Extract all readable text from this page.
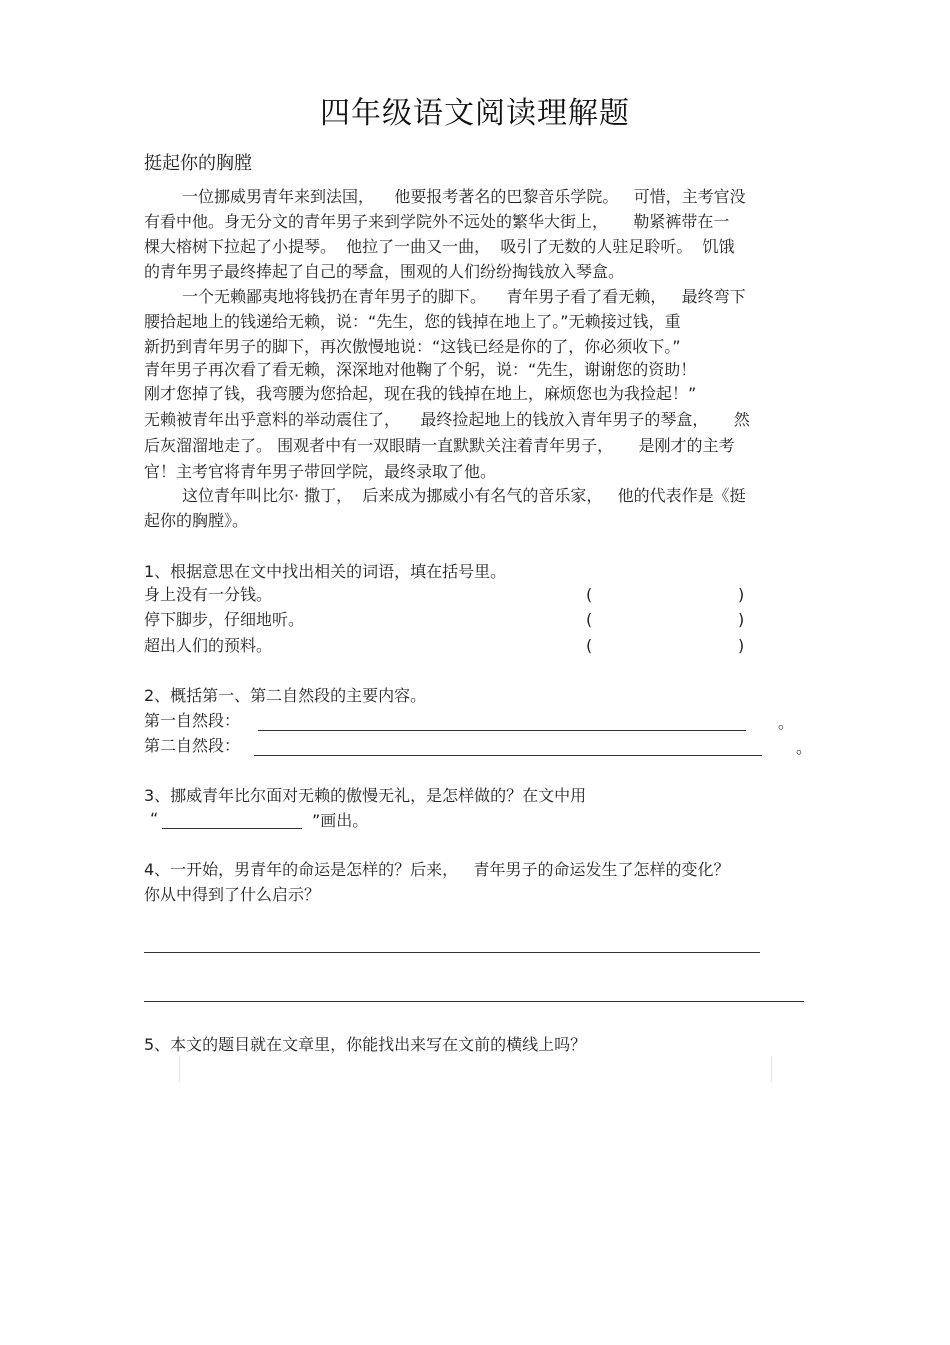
四年级语文阅读理解题
挺起你的胸膛
一位挪威男青年来到法国，    他要报考著名的巴黎音乐学院。   可惜，主考官没
有看中他。身无分文的青年男子来到学院外不远处的繁华大街上，     勒紧裤带在一
棵大榕树下拉起了小提琴。  他拉了一曲又一曲，  吸引了无数的人驻足聆听。  饥饿
的青年男子最终捧起了自己的琴盒，围观的人们纷纷掏钱放入琴盒。
一个无赖鄙夷地将钱扔在青年男子的脚下。    青年男子看了看无赖，   最终弯下
腰拾起地上的钱递给无赖，说：“先生，您的钱掉在地上了。”无赖接过钱，重
新扔到青年男子的脚下，再次傲慢地说：“这钱已经是你的了，你必须收下。”
青年男子再次看了看无赖，深深地对他鞠了个躬，说：“先生，谢谢您的资助！
刚才您掉了钱，我弯腰为您拾起，现在我的钱掉在地上，麻烦您也为我捡起！”
无赖被青年出乎意料的举动震住了，    最终捡起地上的钱放入青年男子的琴盒，     然
后灰溜溜地走了。 围观者中有一双眼睛一直默默关注着青年男子，     是刚才的主考
官！主考官将青年男子带回学院，最终录取了他。
这位青年叫比尔· 撒丁，  后来成为挪威小有名气的音乐家，   他的代表作是《挺
起你的胸膛》。
1、根据意思在文中找出相关的词语，填在括号里。
身上没有一分钱。	(	)
停下脚步，仔细地听。	(	)
超出人们的预料。	(	)
2、概括第一、第二自然段的主要内容。
第一自然段：	。
第二自然段：	。
3、挪威青年比尔面对无赖的傲慢无礼，是怎样做的？在文中用
“	”画出。
4、一开始，男青年的命运是怎样的？后来，   青年男子的命运发生了怎样的变化？
你从中得到了什么启示？
5、本文的题目就在文章里，你能找出来写在文前的横线上吗？
